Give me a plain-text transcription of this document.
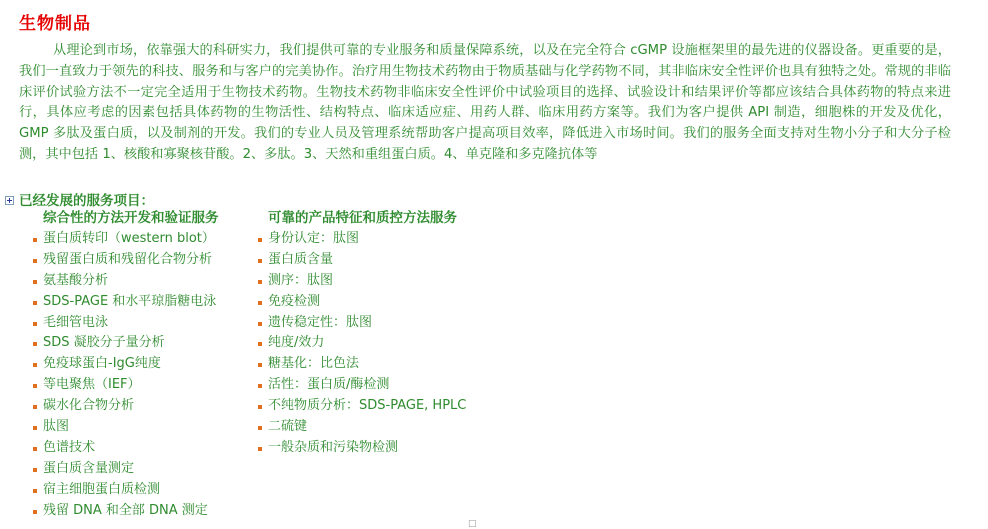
生物制品

从理论到市场，依靠强大的科研实力，我们提供可靠的专业服务和质量保障系统，以及在完全符合 cGMP 设施框架里的最先进的仪器设备。更重要的是，我们一直致力于领先的科技、服务和与客户的完美协作。治疗用生物技术药物由于物质基础与化学药物不同，其非临床安全性评价也具有独特之处。常规的非临床评价试验方法不一定完全适用于生物技术药物。生物技术药物非临床安全性评价中试验项目的选择、试验设计和结果评价等都应该结合具体药物的特点来进行，具体应考虑的因素包括具体药物的生物活性、结构特点、临床适应症、用药人群、临床用药方案等。我们为客户提供 API 制造，细胞株的开发及优化， GMP 多肽及蛋白质，以及制剂的开发。我们的专业人员及管理系统帮助客户提高项目效率，降低进入市场时间。我们的服务全面支持对生物小分子和大分子检测，其中包括 1、核酸和寡聚核苷酸。2、多肽。3、天然和重组蛋白质。4、单克隆和多克隆抗体等

已经发展的服务项目：
综合性的方法开发和验证服务
蛋白质转印（western blot）
残留蛋白质和残留化合物分析
氨基酸分析
SDS-PAGE 和水平琼脂糖电泳
毛细管电泳
SDS 凝胶分子量分析
免疫球蛋白-IgG纯度
等电聚焦（IEF）
碳水化合物分析
肽图
色谱技术
蛋白质含量测定
宿主细胞蛋白质检测
残留 DNA 和全部 DNA 测定
可靠的产品特征和质控方法服务
身份认定：肽图
蛋白质含量
测序：肽图
免疫检测
遗传稳定性：肽图
纯度/效力
糖基化：比色法
活性：蛋白质/酶检测
不纯物质分析：SDS-PAGE, HPLC
二硫键
一般杂质和污染物检测
□
